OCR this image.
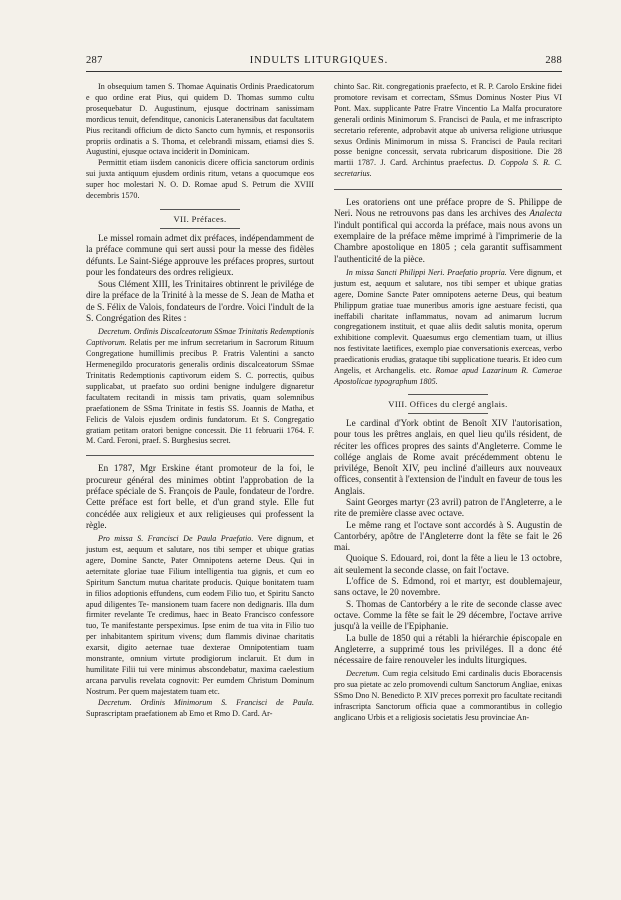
287	INDULTS LITURGIQUES.	288

In obsequium tamen S. Thomae Aquinatis Ordinis Praedicatorum e quo ordine erat Pius, qui quidem D. Thomas summo cultu prosequebatur D. Augustinum, ejusque doctrinam sanissimam mordicus tenuit, defenditque, canonicis Lateranensibus dat facultatem Pius recitandi officium de dicto Sancto cum hymnis, et responsoriis propriis ordinatis a S. Thoma, et celebrandi missam, etiamsi dies S. Augustini, ejusque octava inciderit in Dominicam.

Permittit etiam iisdem canonicis dicere officia sanctorum ordinis sui juxta antiquum ejusdem ordinis ritum, vetans a quocumque eos super hoc molestari N. O. D. Romae apud S. Petrum die XVIII decembris 1570.

VII. Préfaces.

Le missel romain admet dix préfaces, indépendamment de la préface commune qui sert aussi pour la messe des fidèles défunts. Le Saint-Siége approuve les préfaces propres, surtout pour les fondateurs des ordres religieux.

Sous Clément XIII, les Trinitaires obtinrent le privilége de dire la préface de la Trinité à la messe de S. Jean de Matha et de S. Félix de Valois, fondateurs de l'ordre. Voici l'indult de la S. Congrégation des Rites :

Decretum. Ordinis Discalceatorum SSmae Trinitatis Redemptionis Captivorum. Relatis per me infrum secretarium in Sacrorum Rituum Congregatione humillimis precibus P. Fratris Valentini a sancto Hermenegildo procuratoris generalis ordinis discalceatorum SSmae Trinitatis Redemptionis captivorum eidem S. C. porrectis, quibus supplicabat, ut praefato suo ordini benigne indulgere dignaretur facultatem recitandi in missis tam privatis, quam solemnibus praefationem de SSma Trinitate in festis SS. Joannis de Matha, et Felicis de Valois ejusdem ordinis fundatorum. Et S. Congregatio gratiam petitam oratori benigne concessit. Die 11 februarii 1764. F. M. Card. Feroni, praef. S. Burghesius secret.

En 1787, Mgr Erskine étant promoteur de la foi, le procureur général des minimes obtint l'approbation de la préface spéciale de S. François de Paule, fondateur de l'ordre. Cette préface est fort belle, et d'un grand style. Elle fut concédée aux religieux et aux religieuses qui professent la règle.

Pro missa S. Francisci De Paula Praefatio. Vere dignum, et justum est, aequum et salutare, nos tibi semper et ubique gratias agere, Domine Sancte, Pater Omnipotens aeterne Deus. Qui in aeternitate gloriae tuae Filium intelligentia tua gignis, et cum eo Spiritum Sanctum mutua charitate producis. Quique bonitatem tuam in filios adoptionis effundens, cum eodem Filio tuo, et Spiritu Sancto apud diligentes Te- mansionem tuam facere non dedignaris. Illa dum firmiter revelante Te credimus, haec in Beato Francisco confessore tuo, Te manifestante perspeximus. Ipse enim de tua vita in Filio tuo per inhabitantem spiritum vivens; dum flammis divinae charitatis exarsit, digito aeternae tuae dexterae Omnipotentiam tuam monstrante, omnium virtute prodigiorum inclaruit. Et dum in humilitate Filii tui vere minimus abscondebatur, maxima caelestium arcana parvulis revelata cognovit: Per eumdem Christum Dominum Nostrum. Per quem majestatem tuam etc.

Decretum. Ordinis Minimorum S. Francisci de Paula. Suprascriptam praefationem ab Emo et Rmo D. Card. Ar-

chinto Sac. Rit. congregationis praefecto, et R. P. Carolo Erskine fidei promotore revisam et correctam, SSmus Dominus Noster Pius VI Pont. Max. supplicante Patre Fratre Vincentio La Malfa procuratore generali ordinis Minimorum S. Francisci de Paula, et me infrascripto secretario referente, adprobavit atque ab universa religione utriusque sexus Ordinis Minimorum in missa S. Francisci de Paula recitari posse benigne concessit, servata rubricarum dispositione. Die 28 martii 1787. J. Card. Archintus praefectus. D. Coppola S. R. C. secretarius.

Les oratoriens ont une préface propre de S. Philippe de Neri. Nous ne retrouvons pas dans les archives des Analecta l'indult pontifical qui accorda la préface, mais nous avons un exemplaire de la préface même imprimé à l'imprimerie de la Chambre apostolique en 1805 ; cela garantit suffisamment l'authenticité de la pièce.

In missa Sancti Philippi Neri. Praefatio propria. Vere dignum, et justum est, aequum et salutare, nos tibi semper et ubique gratias agere, Domine Sancte Pater omnipotens aeterne Deus, qui beatum Philippum gratiae tuae muneribus amoris igne aestuare fecisti, qua ineffabili charitate inflammatus, novam ad animarum lucrum congregationem instituit, et quae aliis dedit salutis monita, operum exhibitione complevit. Quaesumus ergo clementiam tuam, ut illius nos festivitate laetifices, exemplo piae conversationis exerceas, verbo praedicationis erudias, grataque tibi supplicatione tuearis. Et ideo cum Angelis, et Archangelis. etc. Romae apud Lazarinum R. Camerae Apostolicae typographum 1805.

VIII. Offices du clergé anglais.

Le cardinal d'York obtint de Benoît XIV l'autorisation, pour tous les prêtres anglais, en quel lieu qu'ils résident, de réciter les offices propres des saints d'Angleterre. Comme le collége anglais de Rome avait précédemment obtenu le privilége, Benoît XIV, peu incliné d'ailleurs aux nouveaux offices, consentit à l'extension de l'indult en faveur de tous les Anglais.

Saint Georges martyr (23 avril) patron de l'Angleterre, a le rite de première classe avec octave.

Le même rang et l'octave sont accordés à S. Augustin de Cantorbéry, apôtre de l'Angleterre dont la fête se fait le 26 mai.

Quoique S. Edouard, roi, dont la fête a lieu le 13 octobre, ait seulement la seconde classe, on fait l'octave.

L'office de S. Edmond, roi et martyr, est doublemajeur, sans octave, le 20 novembre.

S. Thomas de Cantorbéry a le rite de seconde classe avec octave. Comme la fête se fait le 29 décembre, l'octave arrive jusqu'à la veille de l'Epiphanie.

La bulle de 1850 qui a rétabli la hiérarchie épiscopale en Angleterre, a supprimé tous les priviléges. Il a donc été nécessaire de faire renouveler les indults liturgiques.

Decretum. Cum regia celsitudo Emi cardinalis ducis Eboracensis pro sua pietate ac zelo promovendi cultum Sanctorum Angliae, enixas SSmo Dno N. Benedicto P. XIV preces porrexit pro facultate recitandi infrascripta Sanctorum officia quae a commorantibus in collegio anglicano Urbis et a religiosis societatis Jesu provinciae An-
